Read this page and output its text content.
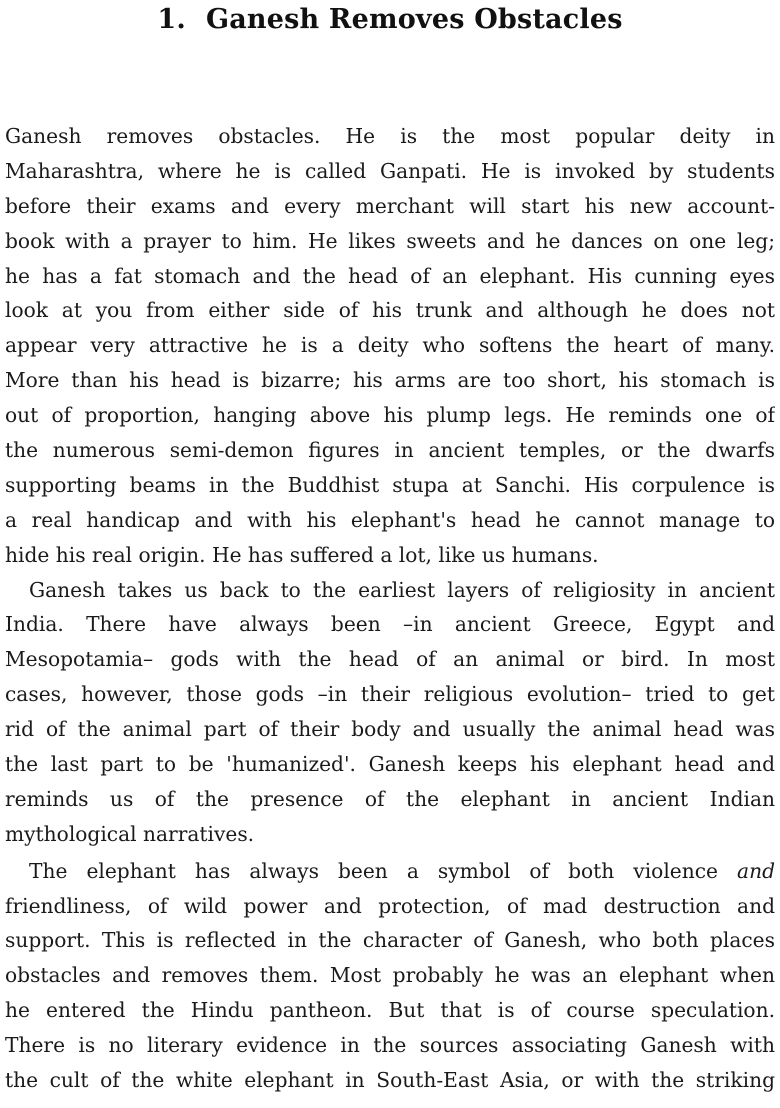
1. Ganesh Removes Obstacles
Ganesh removes obstacles. He is the most popular deity in
Maharashtra, where he is called Ganpati. He is invoked by students
before their exams and every merchant will start his new account-
book with a prayer to him. He likes sweets and he dances on one leg;
he has a fat stomach and the head of an elephant. His cunning eyes
look at you from either side of his trunk and although he does not
appear very attractive he is a deity who softens the heart of many.
More than his head is bizarre; his arms are too short, his stomach is
out of proportion, hanging above his plump legs. He reminds one of
the numerous semi-demon figures in ancient temples, or the dwarfs
supporting beams in the Buddhist stupa at Sanchi. His corpulence is
a real handicap and with his elephant's head he cannot manage to
hide his real origin. He has suffered a lot, like us humans.
Ganesh takes us back to the earliest layers of religiosity in ancient
India. There have always been –in ancient Greece, Egypt and
Mesopotamia– gods with the head of an animal or bird. In most
cases, however, those gods –in their religious evolution– tried to get
rid of the animal part of their body and usually the animal head was
the last part to be 'humanized'. Ganesh keeps his elephant head and
reminds us of the presence of the elephant in ancient Indian
mythological narratives.
The elephant has always been a symbol of both violence and
friendliness, of wild power and protection, of mad destruction and
support. This is reflected in the character of Ganesh, who both places
obstacles and removes them. Most probably he was an elephant when
he entered the Hindu pantheon. But that is of course speculation.
There is no literary evidence in the sources associating Ganesh with
the cult of the white elephant in South-East Asia, or with the striking
